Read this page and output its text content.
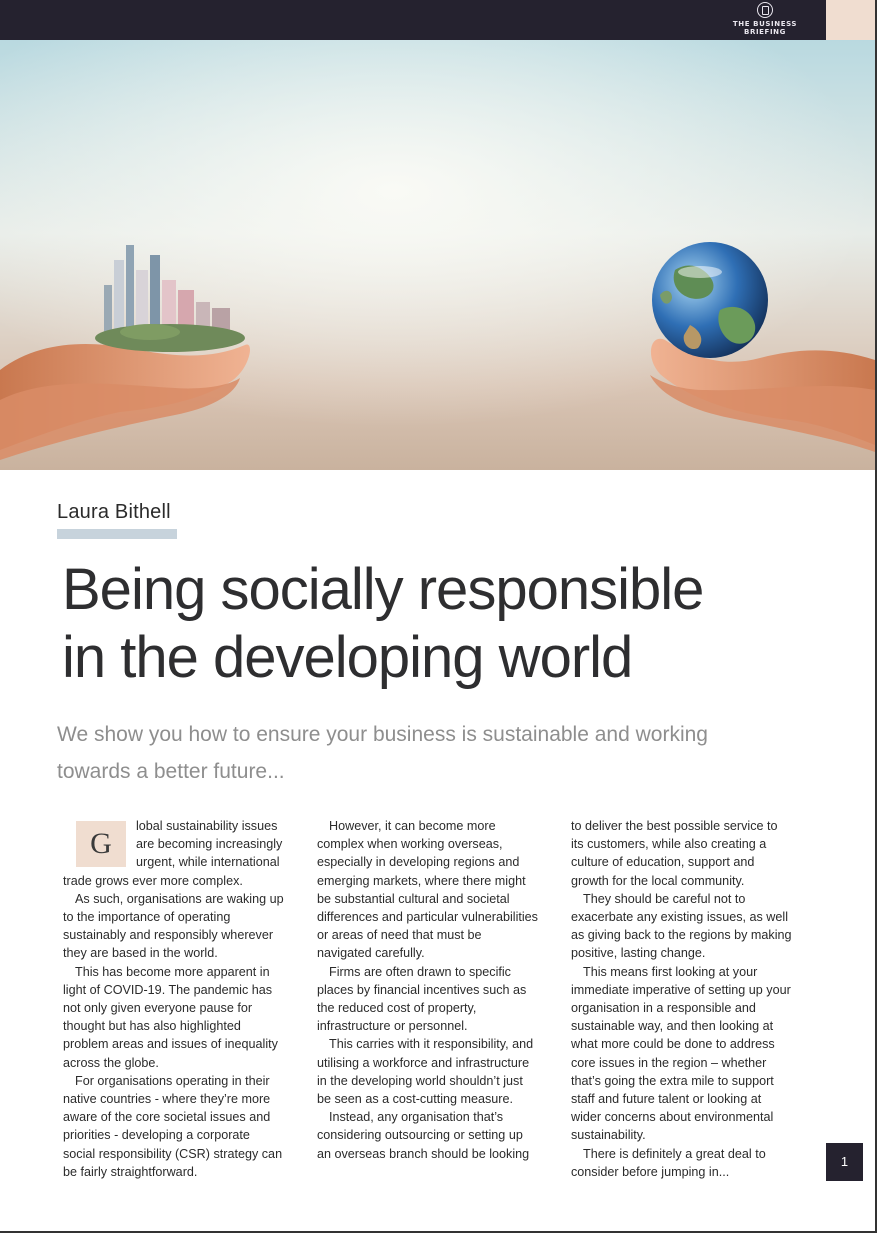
THE BUSINESS
BRIEFING
Laura Bithell
Being socially responsible
in the developing world
We show you how to ensure your business is sustainable and working
towards a better future...

G
lobal sustainability issues are becoming increasingly urgent, while international trade grows ever more complex.

As such, organisations are waking up to the importance of operating sustainably and responsibly wherever they are based in the world.

This has become more apparent in light of COVID-19. The pandemic has not only given everyone pause for thought but has also highlighted problem areas and issues of inequality across the globe.

For organisations operating in their native countries - where they’re more aware of the core societal issues and priorities - developing a corporate social responsibility (CSR) strategy can be fairly straightforward.

However, it can become more complex when working overseas, especially in developing regions and emerging markets, where there might be substantial cultural and societal differences and particular vulnerabilities or areas of need that must be navigated carefully.

Firms are often drawn to specific places by financial incentives such as the reduced cost of property, infrastructure or personnel.

This carries with it responsibility, and utilising a workforce and infrastructure in the developing world shouldn’t just be seen as a cost-cutting measure.

Instead, any organisation that’s considering outsourcing or setting up an overseas branch should be looking

to deliver the best possible service to its customers, while also creating a culture of education, support and growth for the local community.

They should be careful not to exacerbate any existing issues, as well as giving back to the regions by making positive, lasting change.

This means first looking at your immediate imperative of setting up your organisation in a responsible and sustainable way, and then looking at what more could be done to address core issues in the region – whether that’s going the extra mile to support staff and future talent or looking at wider concerns about environmental sustainability.

There is definitely a great deal to consider before jumping in...

1
